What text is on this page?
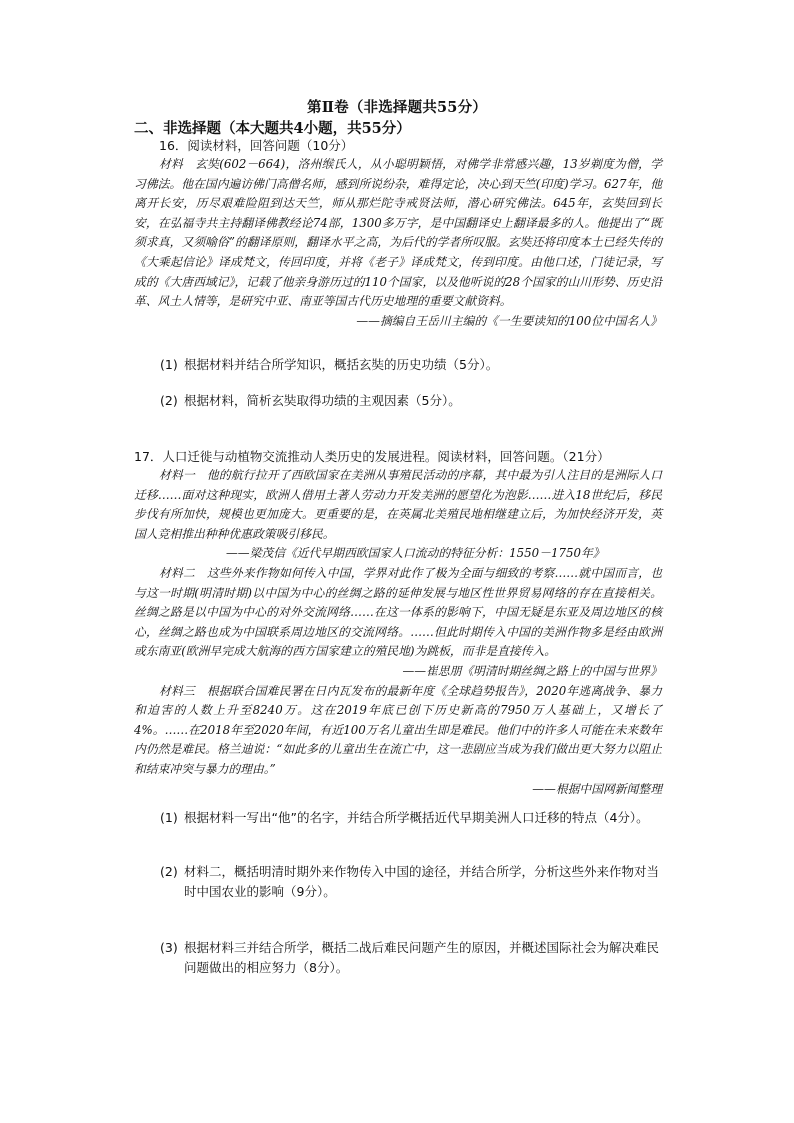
第Ⅱ卷（非选择题共55分）
二、非选择题（本大题共4小题，共55分）

16．阅读材料，回答问题（10分）

材料　玄奘(602－664)，洛州缑氏人，从小聪明颖悟，对佛学非常感兴趣，13岁剃度为僧，学习佛法。他在国内遍访佛门高僧名师，感到所说纷杂，难得定论，决心到天竺(印度)学习。627年，他离开长安，历尽艰难险阻到达天竺，师从那烂陀寺戒贤法师，潜心研究佛法。645年，玄奘回到长安，在弘福寺共主持翻译佛教经论74部，1300多万字，是中国翻译史上翻译最多的人。他提出了“既须求真，又须喻俗”的翻译原则，翻译水平之高，为后代的学者所叹服。玄奘还将印度本土已经失传的《大乘起信论》译成梵文，传回印度，并将《老子》译成梵文，传到印度。由他口述，门徒记录，写成的《大唐西域记》，记载了他亲身游历过的110个国家，以及他听说的28个国家的山川形势、历史沿革、风土人情等，是研究中亚、南亚等国古代历史地理的重要文献资料。

——摘编自王岳川主编的《一生要读知的100位中国名人》

(1) 根据材料并结合所学知识，概括玄奘的历史功绩（5分）。

(2) 根据材料，简析玄奘取得功绩的主观因素（5分）。

17．人口迁徙与动植物交流推动人类历史的发展进程。阅读材料，回答问题。（21分）

材料一　他的航行拉开了西欧国家在美洲从事殖民活动的序幕，其中最为引人注目的是洲际人口迁移……面对这种现实，欧洲人借用土著人劳动力开发美洲的愿望化为泡影……进入18世纪后，移民步伐有所加快，规模也更加庞大。更重要的是，在英属北美殖民地相继建立后，为加快经济开发，英国人竞相推出种种优惠政策吸引移民。

——梁茂信《近代早期西欧国家人口流动的特征分析：1550－1750年》

材料二　这些外来作物如何传入中国，学界对此作了极为全面与细致的考察……就中国而言，也与这一时期(明清时期)以中国为中心的丝绸之路的延伸发展与地区性世界贸易网络的存在直接相关。丝绸之路是以中国为中心的对外交流网络……在这一体系的影响下，中国无疑是东亚及周边地区的核心，丝绸之路也成为中国联系周边地区的交流网络。……但此时期传入中国的美洲作物多是经由欧洲或东南亚(欧洲早完成大航海的西方国家建立的殖民地)为跳板，而非是直接传入。

——崔思朋《明清时期丝绸之路上的中国与世界》

材料三　根据联合国难民署在日内瓦发布的最新年度《全球趋势报告》，2020年逃离战争、暴力和迫害的人数上升至8240万。这在2019年底已创下历史新高的7950万人基础上，又增长了4%。……在2018年至2020年间，有近100万名儿童出生即是难民。他们中的许多人可能在未来数年内仍然是难民。格兰迪说：“如此多的儿童出生在流亡中，这一悲剧应当成为我们做出更大努力以阻止和结束冲突与暴力的理由。”

——根据中国网新闻整理

(1) 根据材料一写出“他”的名字，并结合所学概括近代早期美洲人口迁移的特点（4分）。

(2) 材料二，概括明清时期外来作物传入中国的途径，并结合所学，分析这些外来作物对当时中国农业的影响（9分）。

(3) 根据材料三并结合所学，概括二战后难民问题产生的原因，并概述国际社会为解决难民问题做出的相应努力（8分）。
